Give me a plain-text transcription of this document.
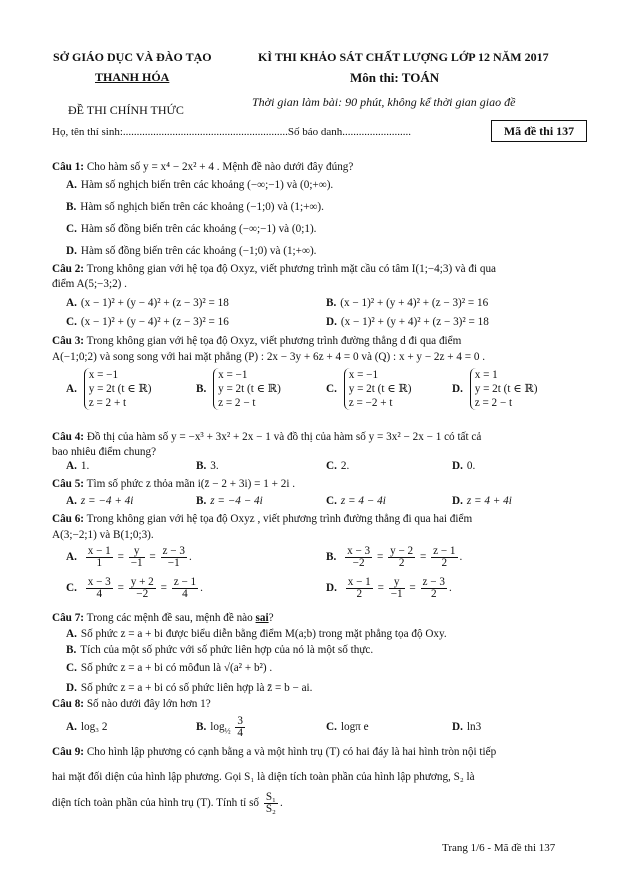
SỞ GIÁO DỤC VÀ ĐÀO TẠO
THANH HÓA
ĐỀ THI CHÍNH THỨC
KÌ THI KHẢO SÁT CHẤT LƯỢNG LỚP 12 NĂM 2017
Môn thi: TOÁN
Thời gian làm bài: 90 phút, không kể thời gian giao đề
Họ, tên thí sinh:............................................................Số báo danh.........................	Mã đề thi 137
Câu 1: Cho hàm số y = x⁴ − 2x² + 4 . Mệnh đề nào dưới đây đúng?
A. Hàm số nghịch biến trên các khoảng (−∞;−1) và (0;+∞).
B. Hàm số nghịch biến trên các khoảng (−1;0) và (1;+∞).
C. Hàm số đồng biến trên các khoảng (−∞;−1) và (0;1).
D. Hàm số đồng biến trên các khoảng (−1;0) và (1;+∞).
Câu 2: Trong không gian với hệ tọa độ Oxyz, viết phương trình mặt cầu có tâm I(1;−4;3) và đi qua
điểm A(5;−3;2) .
A. (x − 1)² + (y − 4)² + (z − 3)² = 18	B. (x − 1)² + (y + 4)² + (z − 3)² = 16
C. (x − 1)² + (y − 4)² + (z − 3)² = 16	D. (x − 1)² + (y + 4)² + (z − 3)² = 18
Câu 3: Trong không gian với hệ tọa độ Oxyz, viết phương trình đường thẳng d đi qua điểm
A(−1;0;2) và song song với hai mặt phẳng (P) : 2x − 3y + 6z + 4 = 0 và (Q) : x + y − 2z + 4 = 0 .
A.
x = −1
y = 2t (t ∈ ℝ)
z = 2 + t
B.
x = −1
y = 2t (t ∈ ℝ)
z = 2 − t
C.
x = −1
y = 2t (t ∈ ℝ)
z = −2 + t
D.
x = 1
y = 2t (t ∈ ℝ)
z = 2 − t
Câu 4: Đồ thị của hàm số y = −x³ + 3x² + 2x − 1 và đồ thị của hàm số y = 3x² − 2x − 1 có tất cả
bao nhiêu điểm chung?
A. 1.	B. 3.	C. 2.	D. 0.
Câu 5: Tìm số phức z thỏa mãn i(z̄ − 2 + 3i) = 1 + 2i .
A. z = −4 + 4i	B. z = −4 − 4i	C. z = 4 − 4i	D. z = 4 + 4i
Câu 6: Trong không gian với hệ tọa độ Oxyz , viết phương trình đường thẳng đi qua hai điểm
A(3;−2;1) và B(1;0;3).
A. $\frac{x - 1}{1} = \frac{y}{-1} = \frac{z - 3}{-1}$ .	B. $\frac{x - 3}{-2} = \frac{y - 2}{2} = \frac{z - 1}{2}$ .
C. $\frac{x - 3}{4} = \frac{y + 2}{-2} = \frac{z - 1}{4}$ .	D. $\frac{x - 1}{2} = \frac{y}{-1} = \frac{z - 3}{2}$ .
Câu 7: Trong các mệnh đề sau, mệnh đề nào sai?
A. Số phức z = a + bi được biểu diễn bằng điểm M(a;b) trong mặt phẳng tọa độ Oxy.
B. Tích của một số phức với số phức liên hợp của nó là một số thực.
C. Số phức z = a + bi có môđun là √(a² + b²) .
D. Số phức z = a + bi có số phức liên hợp là z̄ = b − ai.
Câu 8: Số nào dưới đây lớn hơn 1?
A. log₃ 2	B. $\log_{\frac{1}{2}} \frac{3}{4}$	C. logπ e	D. ln3
Câu 9: Cho hình lập phương có cạnh bằng a và một hình trụ (T) có hai đáy là hai hình tròn nội tiếp
hai mặt đối diện của hình lập phương. Gọi S₁ là diện tích toàn phần của hình lập phương, S₂ là
diện tích toàn phần của hình trụ (T). Tính tỉ số $\frac{\text{S₁}}{\text{S₂}}$ .
Trang 1/6 - Mã đề thi 137
